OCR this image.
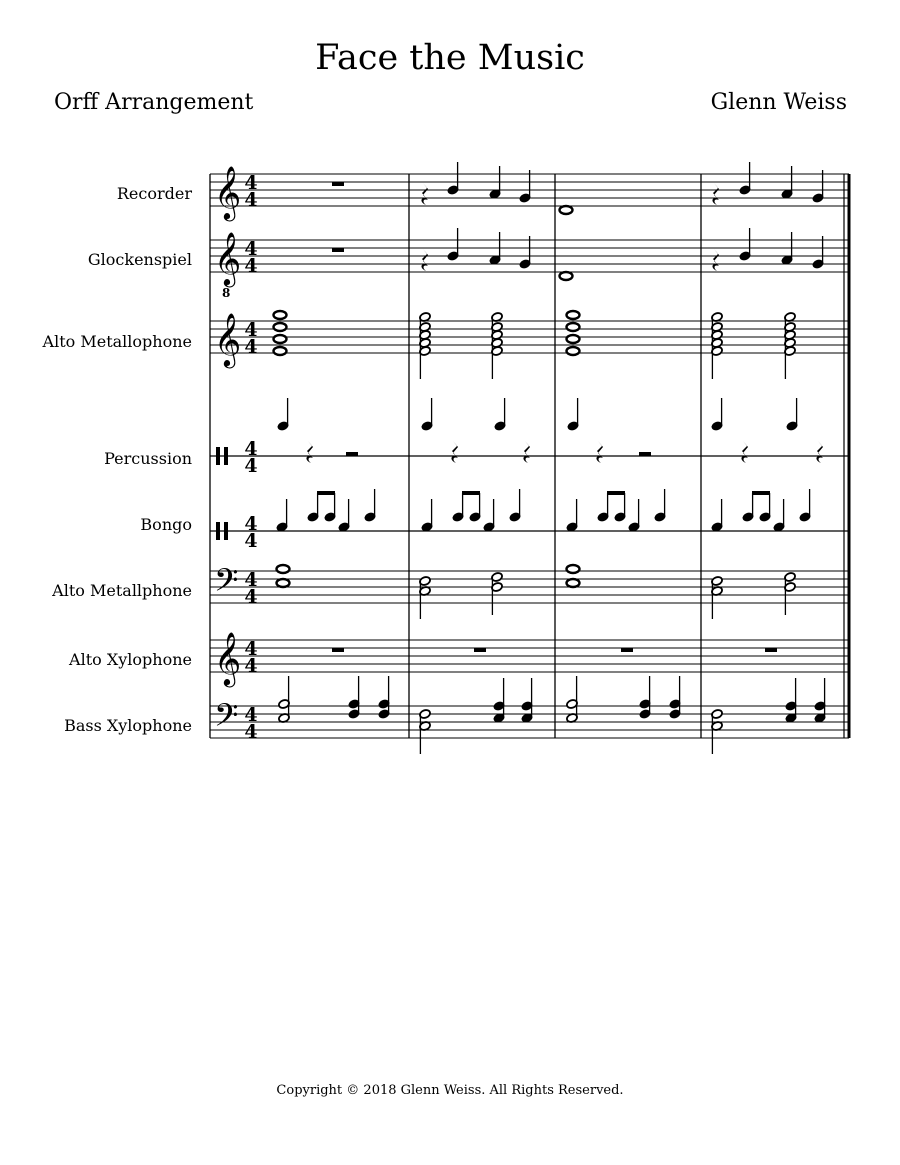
Face the Music
Orff Arrangement	Glenn Weiss
Recorder
Glockenspiel
Alto Metallophone
Percussion
Bongo
Alto Metallphone
Alto Xylophone
Bass Xylophone
𝄞 4
4
𝄞
8
4
4
𝄞 4
4
4
4
4
4
𝄢 4
4
𝄞 4
4
𝄢 4
4
Copyright © 2018 Glenn Weiss. All Rights Reserved.
